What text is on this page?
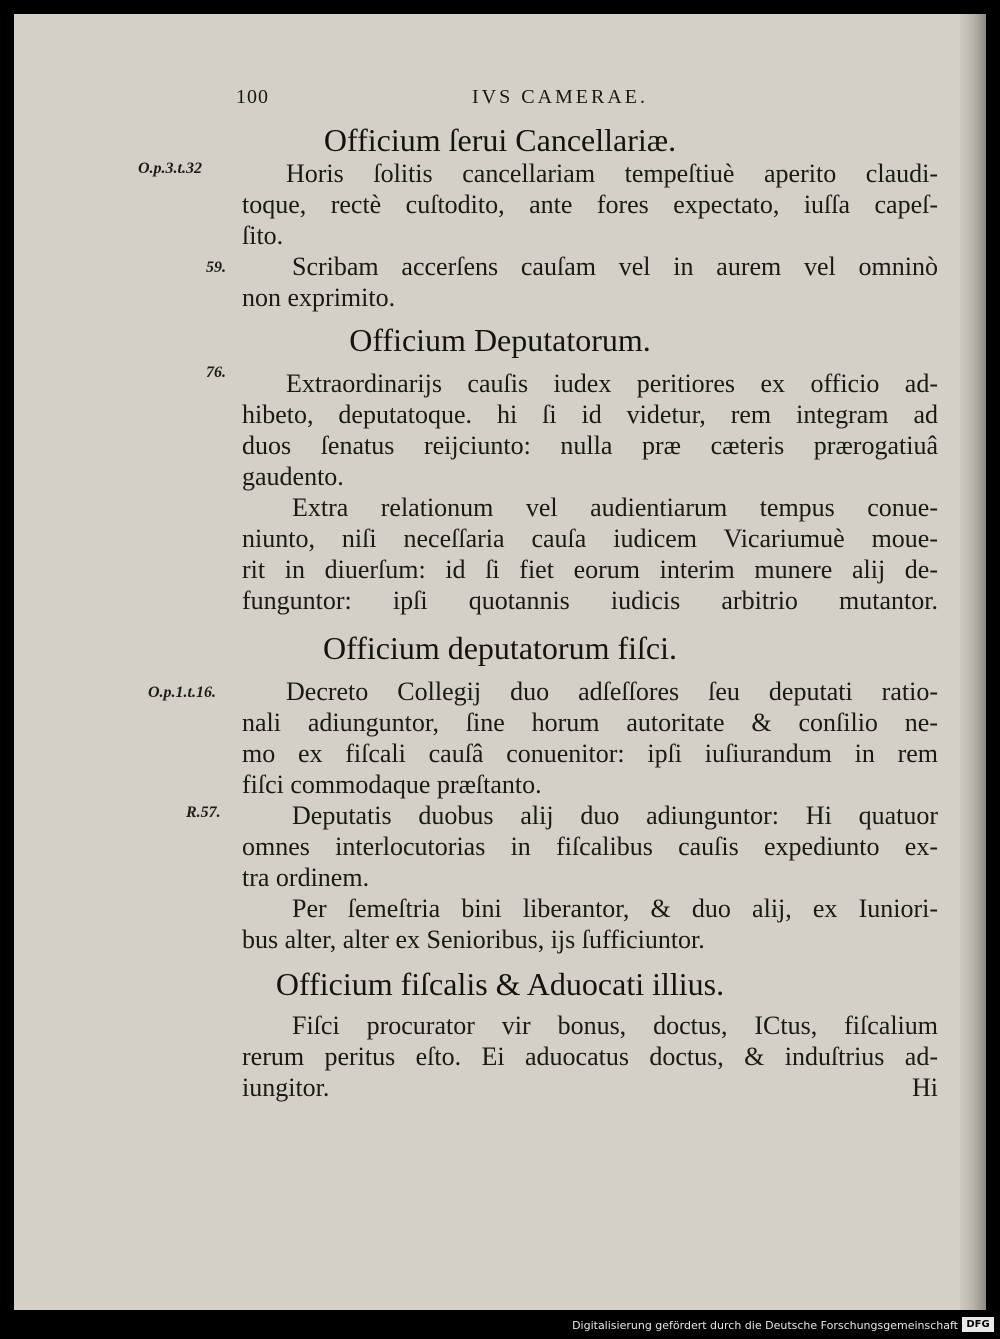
100	IVS CAMERAE.
Officium ſerui Cancellariæ.
O.p.3.t.32	Horis ſolitis cancellariam tempeſtiuè aperito claudi-
toque, rectè cuſtodito, ante fores expectato, iuſſa capeſ-
ſito.
59.	Scribam accerſens cauſam vel in aurem vel omninò
non exprimito.
Officium Deputatorum.
76. Extraordinarijs cauſis iudex peritiores ex officio ad-
hibeto, deputatoque. hi ſi id videtur, rem integram ad
duos ſenatus reijciunto: nulla præ cæteris prærogatiuâ
gaudento.
Extra relationum vel audientiarum tempus conue-
niunto, niſi neceſſaria cauſa iudicem Vicariumuè moue-
rit in diuerſum: id ſi fiet eorum interim munere alij de-
funguntor: ipſi quotannis iudicis arbitrio mutantor.
Officium deputatorum fiſci.
O.p.1.t.16.	Decreto Collegij duo adſeſſores ſeu deputati ratio-
nali adiunguntor, ſine horum autoritate & conſilio ne-
mo ex fiſcali cauſâ conuenitor: ipſi iuſiurandum in rem
fiſci commodaque præſtanto.
R.57.	Deputatis duobus alij duo adiunguntor: Hi quatuor
omnes interlocutorias in fiſcalibus cauſis expediunto ex-
tra ordinem.
Per ſemeſtria bini liberantor, & duo alij, ex Iuniori-
bus alter, alter ex Senioribus, ijs ſufficiuntor.
Officium fiſcalis & Aduocati illius.
Fiſci procurator vir bonus, doctus, ICtus, fiſcalium
rerum peritus eſto. Ei aduocatus doctus, & induſtrius ad-
iungitor.	Hi
Digitalisierung gefördert durch die Deutsche Forschungsgemeinschaft DFG
